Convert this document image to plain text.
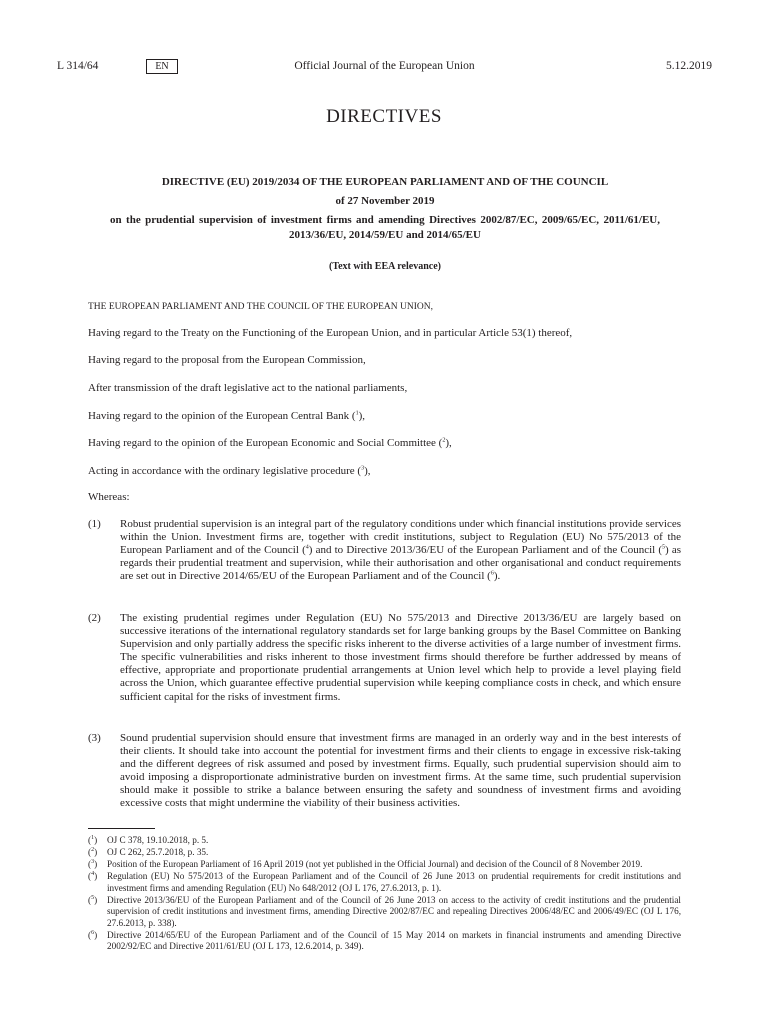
Official Journal of the European Union
L 314/64	EN	5.12.2019
DIRECTIVES
DIRECTIVE (EU) 2019/2034 OF THE EUROPEAN PARLIAMENT AND OF THE COUNCIL
of 27 November 2019
on the prudential supervision of investment firms and amending Directives 2002/87/EC, 2009/65/EC, 2011/61/EU, 2013/36/EU, 2014/59/EU and 2014/65/EU
(Text with EEA relevance)
THE EUROPEAN PARLIAMENT AND THE COUNCIL OF THE EUROPEAN UNION,
Having regard to the Treaty on the Functioning of the European Union, and in particular Article 53(1) thereof,
Having regard to the proposal from the European Commission,
After transmission of the draft legislative act to the national parliaments,
Having regard to the opinion of the European Central Bank ($^1$),
Having regard to the opinion of the European Economic and Social Committee ($^2$),
Acting in accordance with the ordinary legislative procedure ($^3$),
Whereas:
(1) Robust prudential supervision is an integral part of the regulatory conditions under which financial institutions provide services within the Union. Investment firms are, together with credit institutions, subject to Regulation (EU) No 575/2013 of the European Parliament and of the Council ($^4$) and to Directive 2013/36/EU of the European Parliament and of the Council ($^5$) as regards their prudential treatment and supervision, while their authorisation and other organisational and conduct requirements are set out in Directive 2014/65/EU of the European Parliament and of the Council ($^6$).
(2) The existing prudential regimes under Regulation (EU) No 575/2013 and Directive 2013/36/EU are largely based on successive iterations of the international regulatory standards set for large banking groups by the Basel Committee on Banking Supervision and only partially address the specific risks inherent to the diverse activities of a large number of investment firms. The specific vulnerabilities and risks inherent to those investment firms should therefore be further addressed by means of effective, appropriate and proportionate prudential arrangements at Union level which help to provide a level playing field across the Union, which guarantee effective prudential supervision while keeping compliance costs in check, and which ensure sufficient capital for the risks of investment firms.
(3) Sound prudential supervision should ensure that investment firms are managed in an orderly way and in the best interests of their clients. It should take into account the potential for investment firms and their clients to engage in excessive risk-taking and the different degrees of risk assumed and posed by investment firms. Equally, such prudential supervision should aim to avoid imposing a disproportionate administrative burden on investment firms. At the same time, such prudential supervision should make it possible to strike a balance between ensuring the safety and soundness of investment firms and avoiding excessive costs that might undermine the viability of their business activities.
($^1$) OJ C 378, 19.10.2018, p. 5.
($^2$) OJ C 262, 25.7.2018, p. 35.
($^3$) Position of the European Parliament of 16 April 2019 (not yet published in the Official Journal) and decision of the Council of 8 November 2019.
($^4$) Regulation (EU) No 575/2013 of the European Parliament and of the Council of 26 June 2013 on prudential requirements for credit institutions and investment firms and amending Regulation (EU) No 648/2012 (OJ L 176, 27.6.2013, p. 1).
($^5$) Directive 2013/36/EU of the European Parliament and of the Council of 26 June 2013 on access to the activity of credit institutions and the prudential supervision of credit institutions and investment firms, amending Directive 2002/87/EC and repealing Directives 2006/48/EC and 2006/49/EC (OJ L 176, 27.6.2013, p. 338).
($^6$) Directive 2014/65/EU of the European Parliament and of the Council of 15 May 2014 on markets in financial instruments and amending Directive 2002/92/EC and Directive 2011/61/EU (OJ L 173, 12.6.2014, p. 349).
